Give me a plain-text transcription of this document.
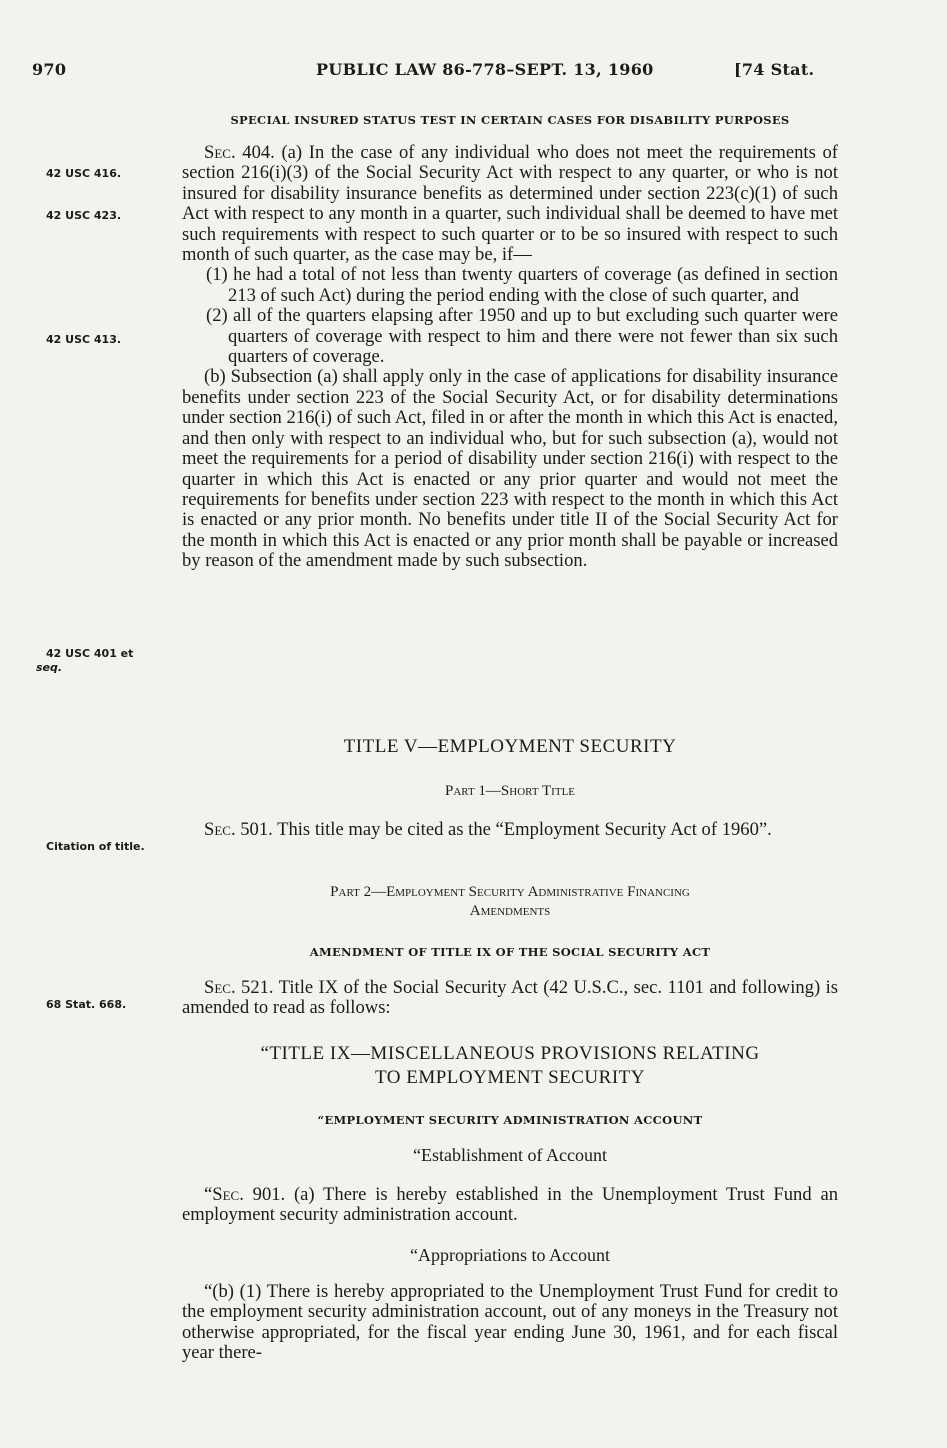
970	PUBLIC LAW 86-778–SEPT. 13, 1960	[74 Stat.
SPECIAL INSURED STATUS TEST IN CERTAIN CASES FOR DISABILITY PURPOSES

Sec. 404. (a) In the case of any individual who does not meet the requirements of section 216(i)(3) of the Social Security Act with respect to any quarter, or who is not insured for disability insurance benefits as determined under section 223(c)(1) of such Act with respect to any month in a quarter, such individual shall be deemed to have met such requirements with respect to such quarter or to be so insured with respect to such month of such quarter, as the case may be, if—

(1) he had a total of not less than twenty quarters of coverage (as defined in section 213 of such Act) during the period ending with the close of such quarter, and

(2) all of the quarters elapsing after 1950 and up to but excluding such quarter were quarters of coverage with respect to him and there were not fewer than six such quarters of coverage.

(b) Subsection (a) shall apply only in the case of applications for disability insurance benefits under section 223 of the Social Security Act, or for disability determinations under section 216(i) of such Act, filed in or after the month in which this Act is enacted, and then only with respect to an individual who, but for such subsection (a), would not meet the requirements for a period of disability under section 216(i) with respect to the quarter in which this Act is enacted or any prior quarter and would not meet the requirements for benefits under section 223 with respect to the month in which this Act is enacted or any prior month. No benefits under title II of the Social Security Act for the month in which this Act is enacted or any prior month shall be payable or increased by reason of the amendment made by such subsection.

TITLE V—EMPLOYMENT SECURITY
Part 1—Short Title

Sec. 501. This title may be cited as the “Employment Security Act of 1960”.

Part 2—Employment Security Administrative Financing
Amendments
AMENDMENT OF TITLE IX OF THE SOCIAL SECURITY ACT

Sec. 521. Title IX of the Social Security Act (42 U.S.C., sec. 1101 and following) is amended to read as follows:

“TITLE IX—MISCELLANEOUS PROVISIONS RELATING
TO EMPLOYMENT SECURITY
“EMPLOYMENT SECURITY ADMINISTRATION ACCOUNT
“Establishment of Account

“Sec. 901. (a) There is hereby established in the Unemployment Trust Fund an employment security administration account.

“Appropriations to Account

“(b) (1) There is hereby appropriated to the Unemployment Trust Fund for credit to the employment security administration account, out of any moneys in the Treasury not otherwise appropriated, for the fiscal year ending June 30, 1961, and for each fiscal year there-

42 USC 416.
42 USC 423.
42 USC 413.
42 USC 401 et
seq.
Citation of title.
68 Stat. 668.
